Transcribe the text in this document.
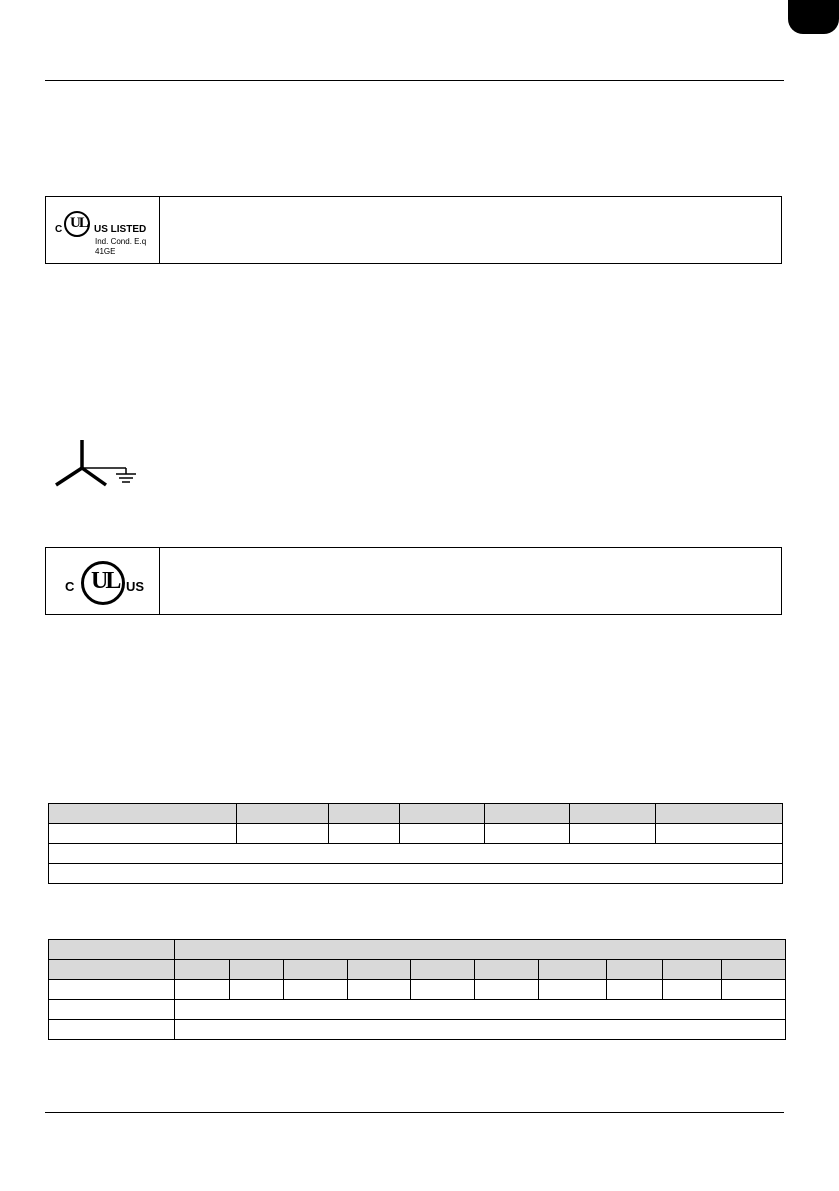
C UL US LISTED
Ind. Cond. E.q
41GE
C UL US
